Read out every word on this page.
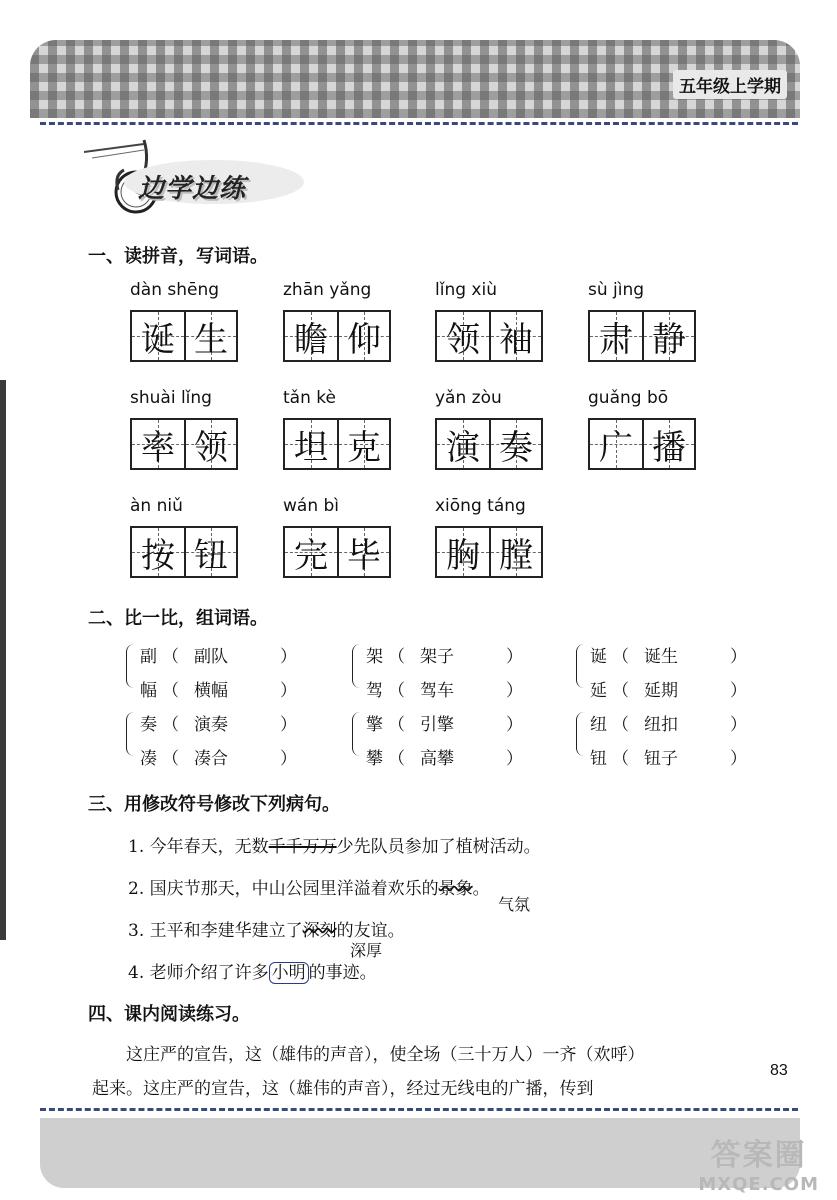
五年级上学期
边学边练
一、读拼音，写词语。
dàn shēng
诞 生
zhān yǎng
瞻 仰
lǐng xiù
领 袖
sù jìng
肃 静
shuài lǐng
率 领
tǎn kè
坦 克
yǎn zòu
演 奏
guǎng bō
广 播
àn niǔ
按 钮
wán bì
完 毕
xiōng táng
胸 膛
二、比一比，组词语。
副 （ 副队	）
幅 （ 横幅	）
架 （ 架子	）
驾 （ 驾车	）
诞 （ 诞生	）
延 （ 延期	）
奏 （ 演奏	）
凑 （ 凑合	）
擎 （ 引擎	）
攀 （ 高攀	）
纽 （ 纽扣	）
钮 （ 钮子	）
三、用修改符号修改下列病句。
1. 今年春天，无数千千万万少先队员参加了植树活动。
2. 国庆节那天，中山公园里洋溢着欢乐的景象。
气氛
3. 王平和李建华建立了深刻的友谊。
深厚
4. 老师介绍了许多 小明 的事迹。
四、课内阅读练习。
这庄严的宣告，这（雄伟的声音），使全场（三十万人）一齐（欢呼）
起来。这庄严的宣告，这（雄伟的声音），经过无线电的广播，传到
83
答案圈
MXQE.COM
